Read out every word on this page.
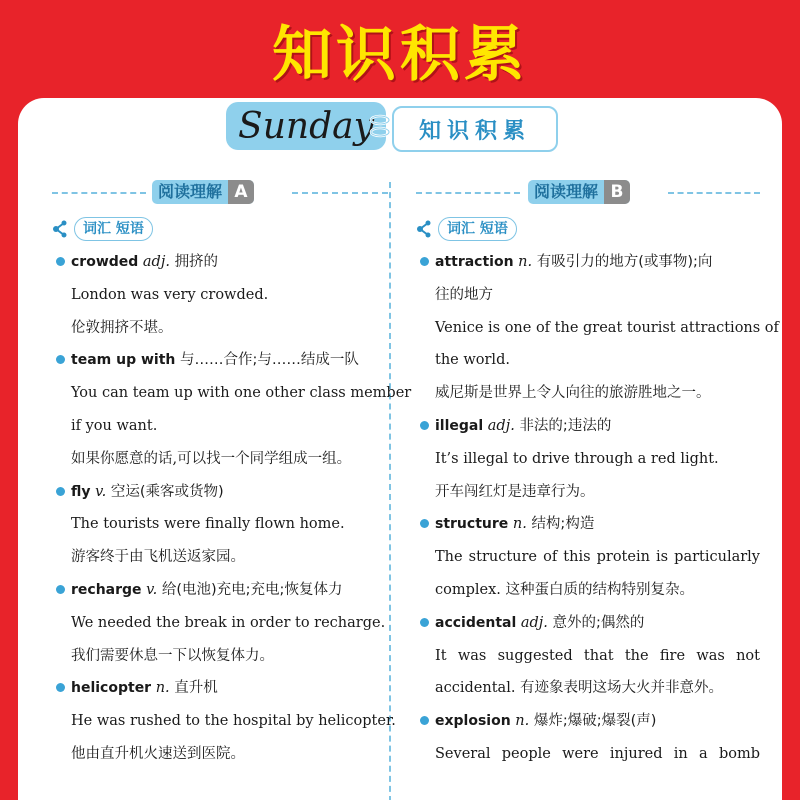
知识积累
Sunday 知识积累
阅读理解 A
词汇 短语
crowded adj. 拥挤的
London was very crowded.
伦敦拥挤不堪。
team up with 与……合作;与……结成一队
You can team up with one other class member
if you want.
如果你愿意的话,可以找一个同学组成一组。
fly v. 空运(乘客或货物)
The tourists were finally flown home.
游客终于由飞机送返家园。
recharge v. 给(电池)充电;充电;恢复体力
We needed the break in order to recharge.
我们需要休息一下以恢复体力。
helicopter n. 直升机
He was rushed to the hospital by helicopter.
他由直升机火速送到医院。
阅读理解 B
词汇 短语
attraction n. 有吸引力的地方(或事物);向
往的地方
Venice is one of the great tourist attractions of
the world.
威尼斯是世界上令人向往的旅游胜地之一。
illegal adj. 非法的;违法的
It’s illegal to drive through a red light.
开车闯红灯是违章行为。
structure n. 结构;构造
The structure of this protein is particularly
complex. 这种蛋白质的结构特别复杂。
accidental adj. 意外的;偶然的
It was suggested that the fire was not
accidental. 有迹象表明这场大火并非意外。
explosion n. 爆炸;爆破;爆裂(声)
Several people were injured in a bomb
